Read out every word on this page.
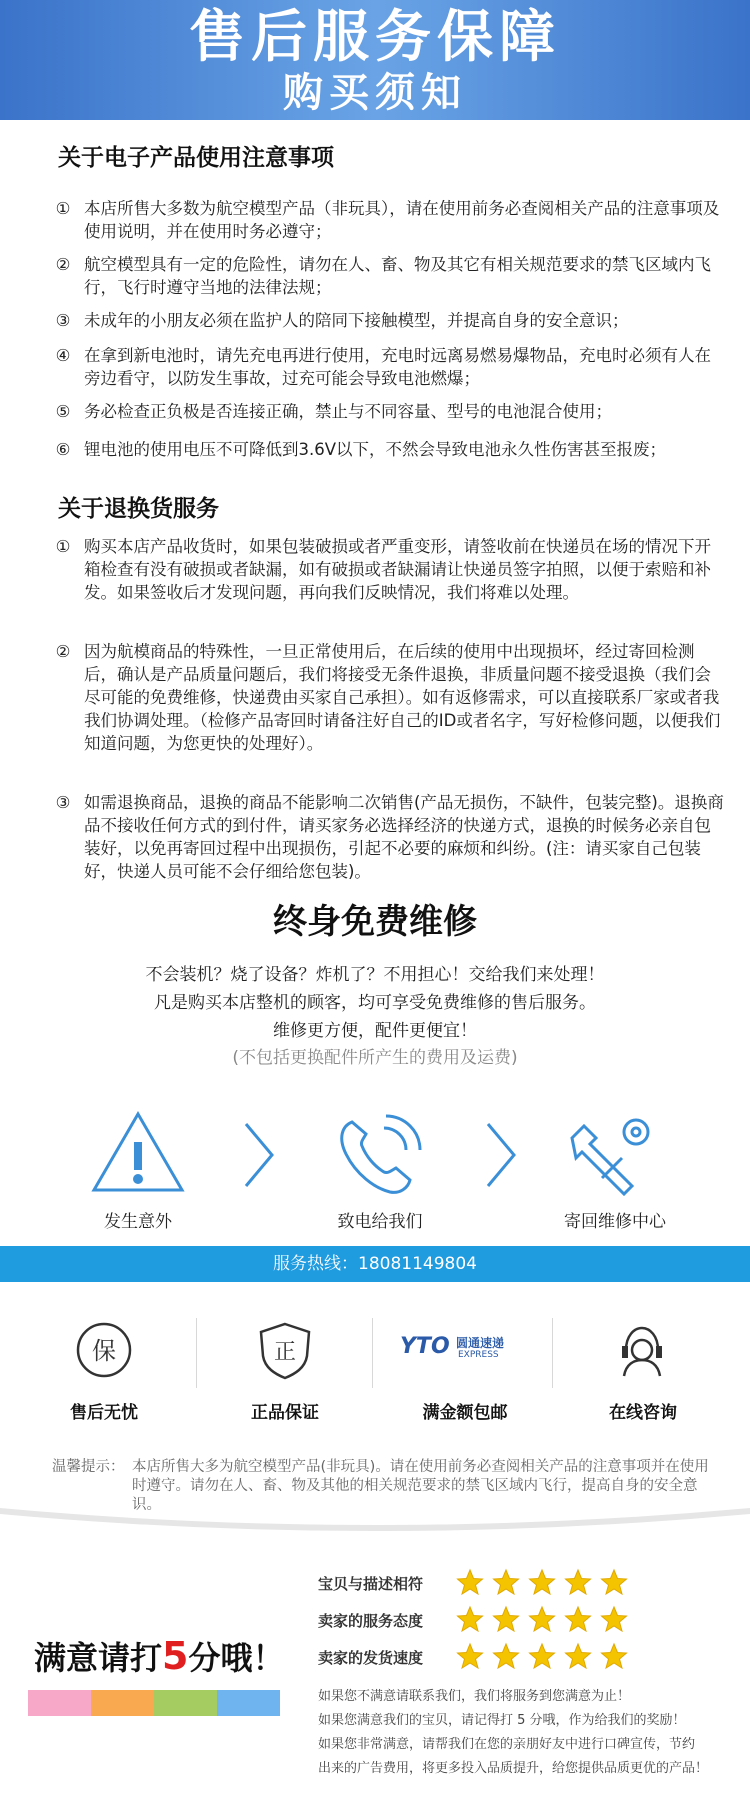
售后服务保障
购买须知
关于电子产品使用注意事项
① 本店所售大多数为航空模型产品（非玩具），请在使用前务必查阅相关产品的注意事项及使用说明，并在使用时务必遵守；
② 航空模型具有一定的危险性，请勿在人、畜、物及其它有相关规范要求的禁飞区域内飞行，飞行时遵守当地的法律法规；
③ 未成年的小朋友必须在监护人的陪同下接触模型，并提高自身的安全意识；
④ 在拿到新电池时，请先充电再进行使用，充电时远离易燃易爆物品，充电时必须有人在旁边看守，以防发生事故，过充可能会导致电池燃爆；
⑤ 务必检查正负极是否连接正确，禁止与不同容量、型号的电池混合使用；
⑥ 锂电池的使用电压不可降低到3.6V以下，不然会导致电池永久性伤害甚至报废；
关于退换货服务
① 购买本店产品收货时，如果包装破损或者严重变形，请签收前在快递员在场的情况下开箱检查有没有破损或者缺漏，如有破损或者缺漏请让快递员签字拍照，以便于索赔和补发。如果签收后才发现问题，再向我们反映情况，我们将难以处理。
② 因为航模商品的特殊性，一旦正常使用后，在后续的使用中出现损坏，经过寄回检测后，确认是产品质量问题后，我们将接受无条件退换，非质量问题不接受退换（我们会尽可能的免费维修，快递费由买家自己承担）。如有返修需求，可以直接联系厂家或者我我们协调处理。（检修产品寄回时请备注好自己的ID或者名字，写好检修问题，以便我们知道问题，为您更快的处理好）。
③ 如需退换商品，退换的商品不能影响二次销售(产品无损伤，不缺件，包装完整)。退换商品不接收任何方式的到付件，请买家务必选择经济的快递方式，退换的时候务必亲自包装好，以免再寄回过程中出现损伤，引起不必要的麻烦和纠纷。(注：请买家自己包装好，快递人员可能不会仔细给您包装)。
终身免费维修
不会装机？烧了设备？炸机了？不用担心！交给我们来处理！
凡是购买本店整机的顾客，均可享受免费维修的售后服务。
维修更方便，配件更便宜！
(不包括更换配件所产生的费用及运费)
发生意外	致电给我们	寄回维修中心
服务热线：18081149804
保	正	YTO 圆通速递
EXPRESS
售后无忧	正品保证	满金额包邮	在线咨询
温馨提示： 本店所售大多为航空模型产品(非玩具)。请在使用前务必查阅相关产品的注意事项并在使用时遵守。请勿在人、畜、物及其他的相关规范要求的禁飞区域内飞行，提高自身的安全意识。
宝贝与描述相符
卖家的服务态度
卖家的发货速度
满意请打5分哦！
如果您不满意请联系我们，我们将服务到您满意为止！
如果您满意我们的宝贝，请记得打 5 分哦，作为给我们的奖励！
如果您非常满意，请帮我们在您的亲朋好友中进行口碑宣传，节约
出来的广告费用，将更多投入品质提升，给您提供品质更优的产品！
